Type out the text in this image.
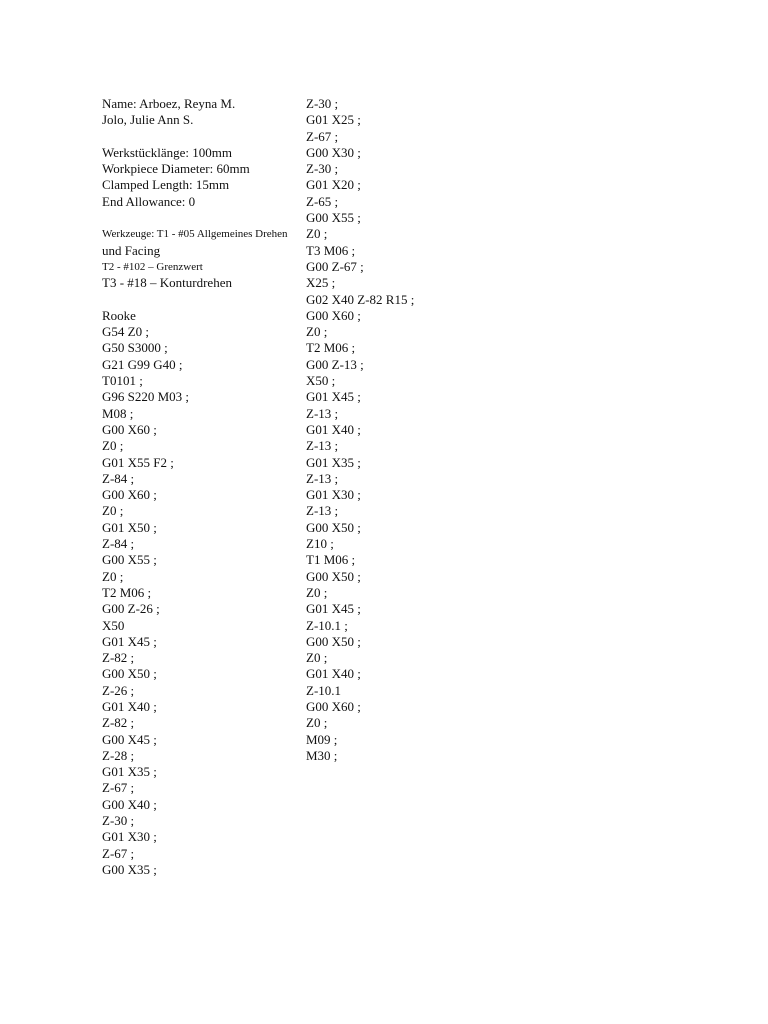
Name: Arboez, Reyna M.
Jolo, Julie Ann S.
Werkstücklänge: 100mm
Workpiece Diameter: 60mm
Clamped Length: 15mm
End Allowance: 0
Werkzeuge: T1 - #05 Allgemeines Drehen
und Facing
T2 - #102 – Grenzwert
T3 - #18 – Konturdrehen
Rooke
G54 Z0 ;
G50 S3000 ;
G21 G99 G40 ;
T0101 ;
G96 S220 M03 ;
M08 ;
G00 X60 ;
Z0 ;
G01 X55 F2 ;
Z-84 ;
G00 X60 ;
Z0 ;
G01 X50 ;
Z-84 ;
G00 X55 ;
Z0 ;
T2 M06 ;
G00 Z-26 ;
X50
G01 X45 ;
Z-82 ;
G00 X50 ;
Z-26 ;
G01 X40 ;
Z-82 ;
G00 X45 ;
Z-28 ;
G01 X35 ;
Z-67 ;
G00 X40 ;
Z-30 ;
G01 X30 ;
Z-67 ;
G00 X35 ;
Z-30 ;
G01 X25 ;
Z-67 ;
G00 X30 ;
Z-30 ;
G01 X20 ;
Z-65 ;
G00 X55 ;
Z0 ;
T3 M06 ;
G00 Z-67 ;
X25 ;
G02 X40 Z-82 R15 ;
G00 X60 ;
Z0 ;
T2 M06 ;
G00 Z-13 ;
X50 ;
G01 X45 ;
Z-13 ;
G01 X40 ;
Z-13 ;
G01 X35 ;
Z-13 ;
G01 X30 ;
Z-13 ;
G00 X50 ;
Z10 ;
T1 M06 ;
G00 X50 ;
Z0 ;
G01 X45 ;
Z-10.1 ;
G00 X50 ;
Z0 ;
G01 X40 ;
Z-10.1
G00 X60 ;
Z0 ;
M09 ;
M30 ;
